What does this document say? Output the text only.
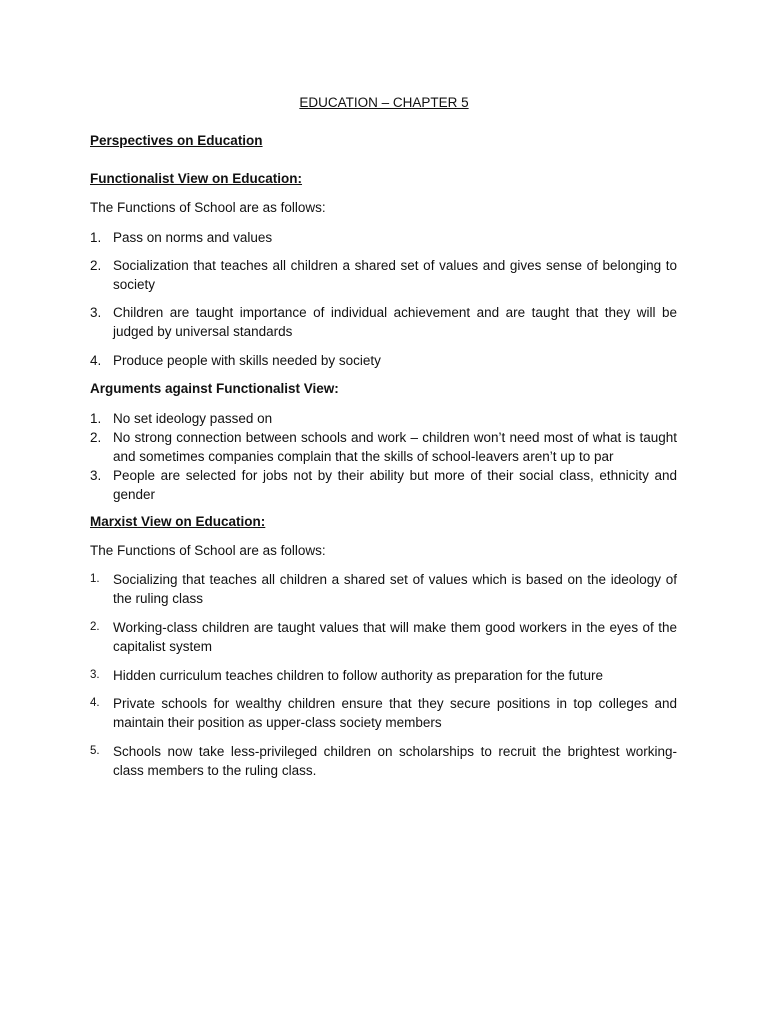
EDUCATION – CHAPTER 5
Perspectives on Education
Functionalist View on Education:
The Functions of School are as follows:
1. Pass on norms and values
2. Socialization that teaches all children a shared set of values and gives sense of belonging to society
3. Children are taught importance of individual achievement and are taught that they will be judged by universal standards
4. Produce people with skills needed by society
Arguments against Functionalist View:
1. No set ideology passed on
2. No strong connection between schools and work – children won’t need most of what is taught and sometimes companies complain that the skills of school-leavers aren’t up to par
3. People are selected for jobs not by their ability but more of their social class, ethnicity and gender
Marxist View on Education:
The Functions of School are as follows:
1. Socializing that teaches all children a shared set of values which is based on the ideology of the ruling class
2. Working-class children are taught values that will make them good workers in the eyes of the capitalist system
3. Hidden curriculum teaches children to follow authority as preparation for the future
4. Private schools for wealthy children ensure that they secure positions in top colleges and maintain their position as upper-class society members
5. Schools now take less-privileged children on scholarships to recruit the brightest working-class members to the ruling class.
